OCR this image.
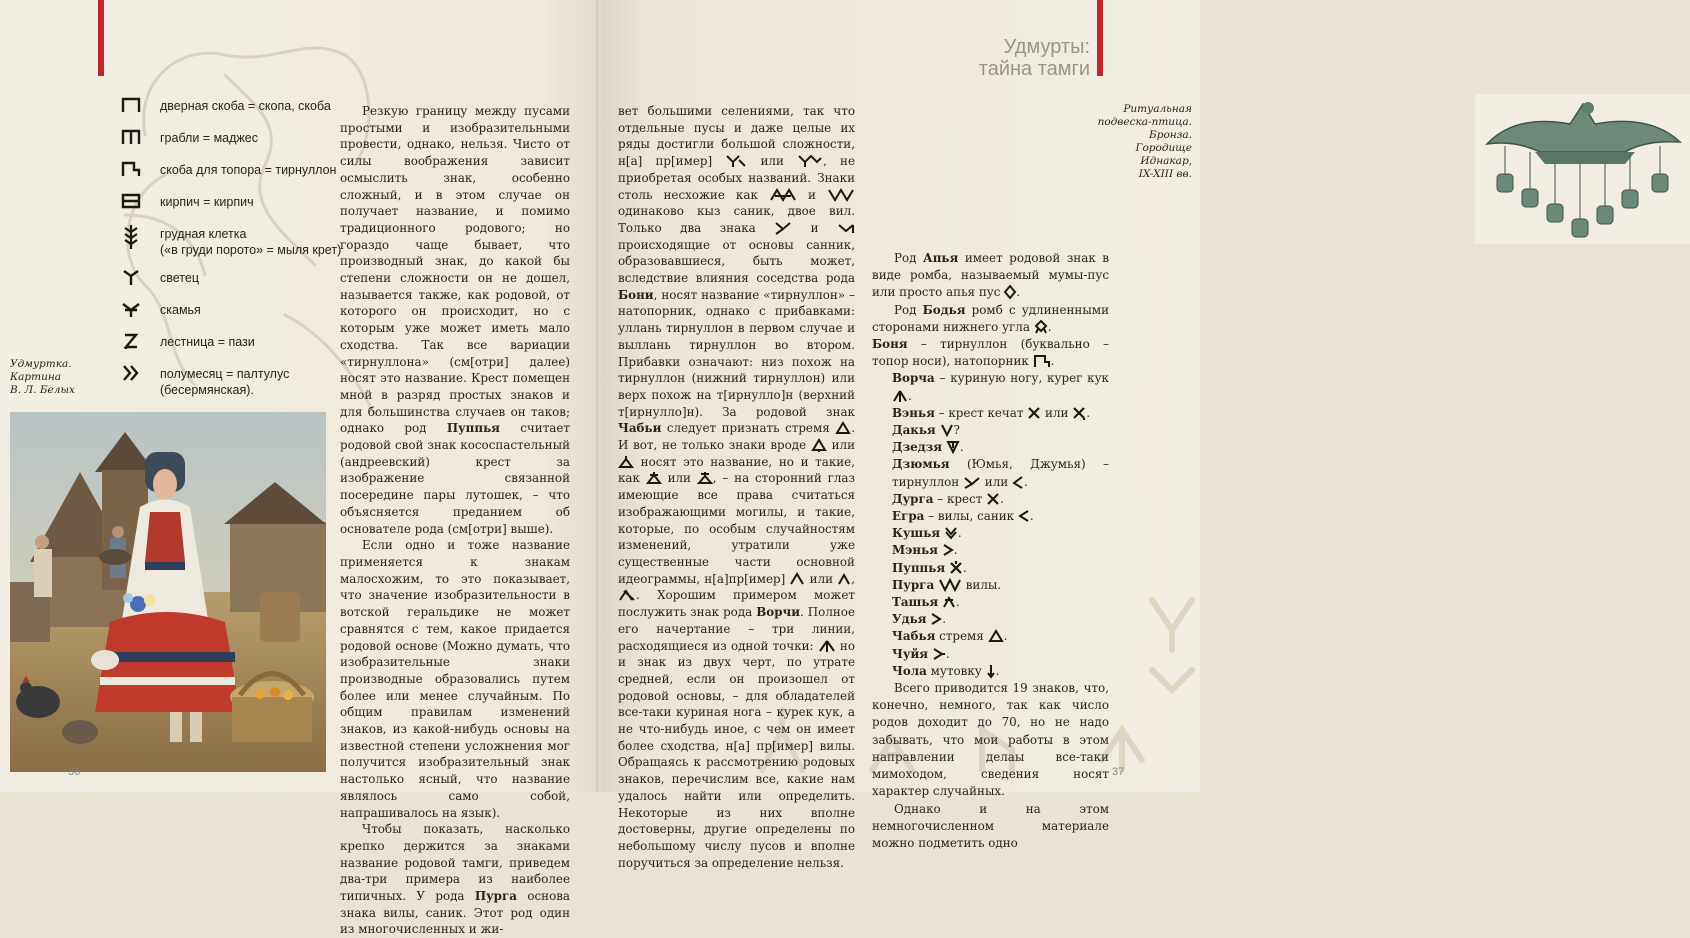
дверная скоба = скопа, скоба
грабли = маджес
скоба для топора = тирнуллон
кирпич = кирпич
грудная клетка
(«в груди порото» = мыля крет)
светец
скамья
лестница = пази
полумесяц = палтулус
(бесермянская).
Удмуртка.
Картина
В. Л. Белых

Резкую границу между пусами простыми и изобразительными провести, однако, нельзя. Чисто от силы воображения зависит осмыслить знак, особенно сложный, и в этом случае он получает название, и помимо традиционного родового; но гораздо чаще бывает, что производный знак, до какой бы степени сложности он не дошел, называется также, как родовой, от которого он происходит, но с которым уже может иметь мало сходства. Так все вариации «тирнуллона» (см[отри] далее) носят это название. Крест помещен мной в разряд простых знаков и для большинства случаев он таков; однако род Пуппья считает родовой свой знак кососпастельный (андреевский) крест за изображение связанной посередине пары лутошек, – что объясняется преданием об основателе рода (см[отри] выше).

Если одно и тоже название применяется к знакам малосхожим, то это показывает, что значение изобразительности в вотской геральдике не может сравнятся с тем, какое придается родовой основе (Можно думать, что изобразительные знаки производные образовались путем более или менее случайным. По общим правилам изменений знаков, из какой-нибудь основы на известной степени усложнения мог получится изобразительный знак настолько ясный, что название являлось само собой, напрашивалось на язык).

Чтобы показать, насколько крепко держится за знаками название родовой тамги, приведем два-три примера из наиболее типичных. У рода Пурга основа знака вилы, саник. Этот род один из многочисленных и жи-

36
Удмурты:
тайна тамги

вет большими селениями, так что отдельные пусы и даже целые их ряды достигли большой сложности, н[а] пр[имер]	или	, не приобретая особых названий. Знаки столь несхожие как	и  одинаково кыз саник, двое вил. Только два знака	и  происходящие от основы санник, образовавшиеся, быть может, вследствие влияния соседства рода Бони, носят название «тирнуллон» – натопорник, однако с прибавками: уллань тирнуллон в первом случае и выллань тирнуллон во втором. Прибавки означают: низ похож на тирнуллон (нижний тирнуллон) или верх похож на т[ирнулло]н (верхний т[ирнулло]н). За родовой знак Чабьи следует признать стремя . И вот, не только знаки вроде или  носят это название, но и такие, как или , – на сторонний глаз имеющие все права считаться изображающими могилы, и такие, которые, по особым случайностям изменений, утратили уже существенные части основной идеограммы, н[а]пр[имер] или , . Хорошим примером может послужить знак рода Ворчи. Полное его начертание – три линии, расходящиеся из одной точки: но и знак из двух черт, по утрате средней, если он произошел от родовой основы, – для обладателей все-таки куриная нога – курек кук, а не что-нибудь иное, с чем он имеет более сходства, н[а] пр[имер] вилы. Обращаясь к рассмотрению родовых знаков, перечислим все, какие нам удалось найти или определить. Некоторые из них вполне достоверны, другие определены по небольшому числу пусов и вполне поручиться за определение нельзя.

Ритуальная
подвеска-птица.
Бронза.
Городище
Иднакар,
IX-XIII вв.

Род Апья имеет родовой знак в виде ромба, называемый мумы-пус или просто апья пус .

Род Бодья ромб с удлиненными сторонами нижнего угла .

Боня – тирнуллон (буквально – топор носи), натопорник .
Ворча – куриную ногу, курег кук .
Вэнья – крест кечат или .
Дакья ?
Дзедзя .
Дзюмья (Юмья, Джумья) – тирнуллон или .
Дурга – крест .
Егра – вилы, саник .
Кушья .
Мэнья .
Пуппья .
Пурга  вилы.
Ташья .
Удья .
Чабья стремя .
Чуйя .
Чола мутовку .

Всего приводится 19 знаков, что, конечно, немного, так как число родов доходит до 70, но не надо забывать, что мои работы в этом направлении делаы все-таки мимоходом, сведения носят характер случайных.

Однако и на этом немногочисленном материале можно подметить одно

37
